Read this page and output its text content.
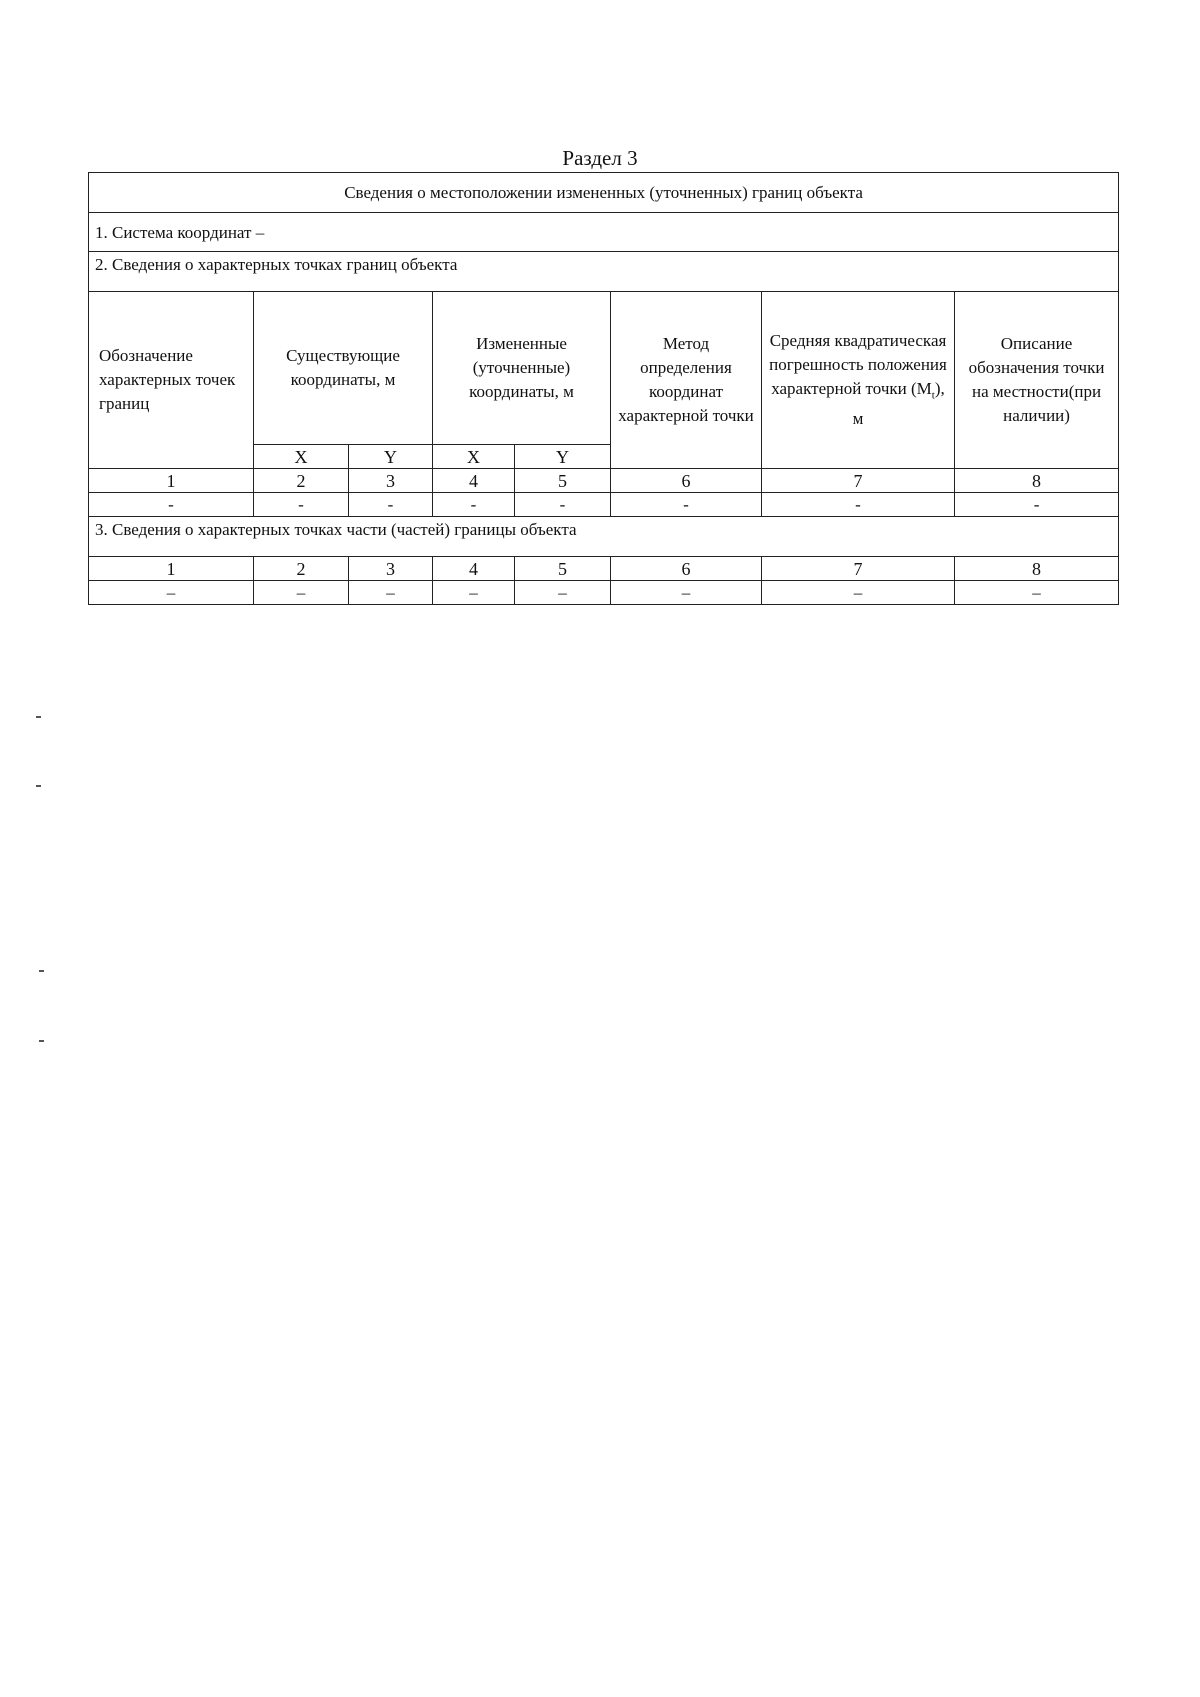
Раздел 3
Сведения о местоположении измененных (уточненных) границ объекта							
1. Система координат –							
2. Сведения о характерных точках границ объекта							
Обозначение характерных точек границ	Существующие координаты, м		Измененные (уточненные) координаты, м		Метод определения координат характерной точки	Средняя квадратическая погрешность положения характерной точки $(M_t)$, м	Описание обозначения точки на местности(при наличии)
	X	Y	X	Y			
1	2	3	4	5	6	7	8
-	-	-	-	-	-	-	-
3. Сведения о характерных точках части (частей) границы объекта							
1	2	3	4	5	6	7	8
–	–	–	–	–	–	–	–
